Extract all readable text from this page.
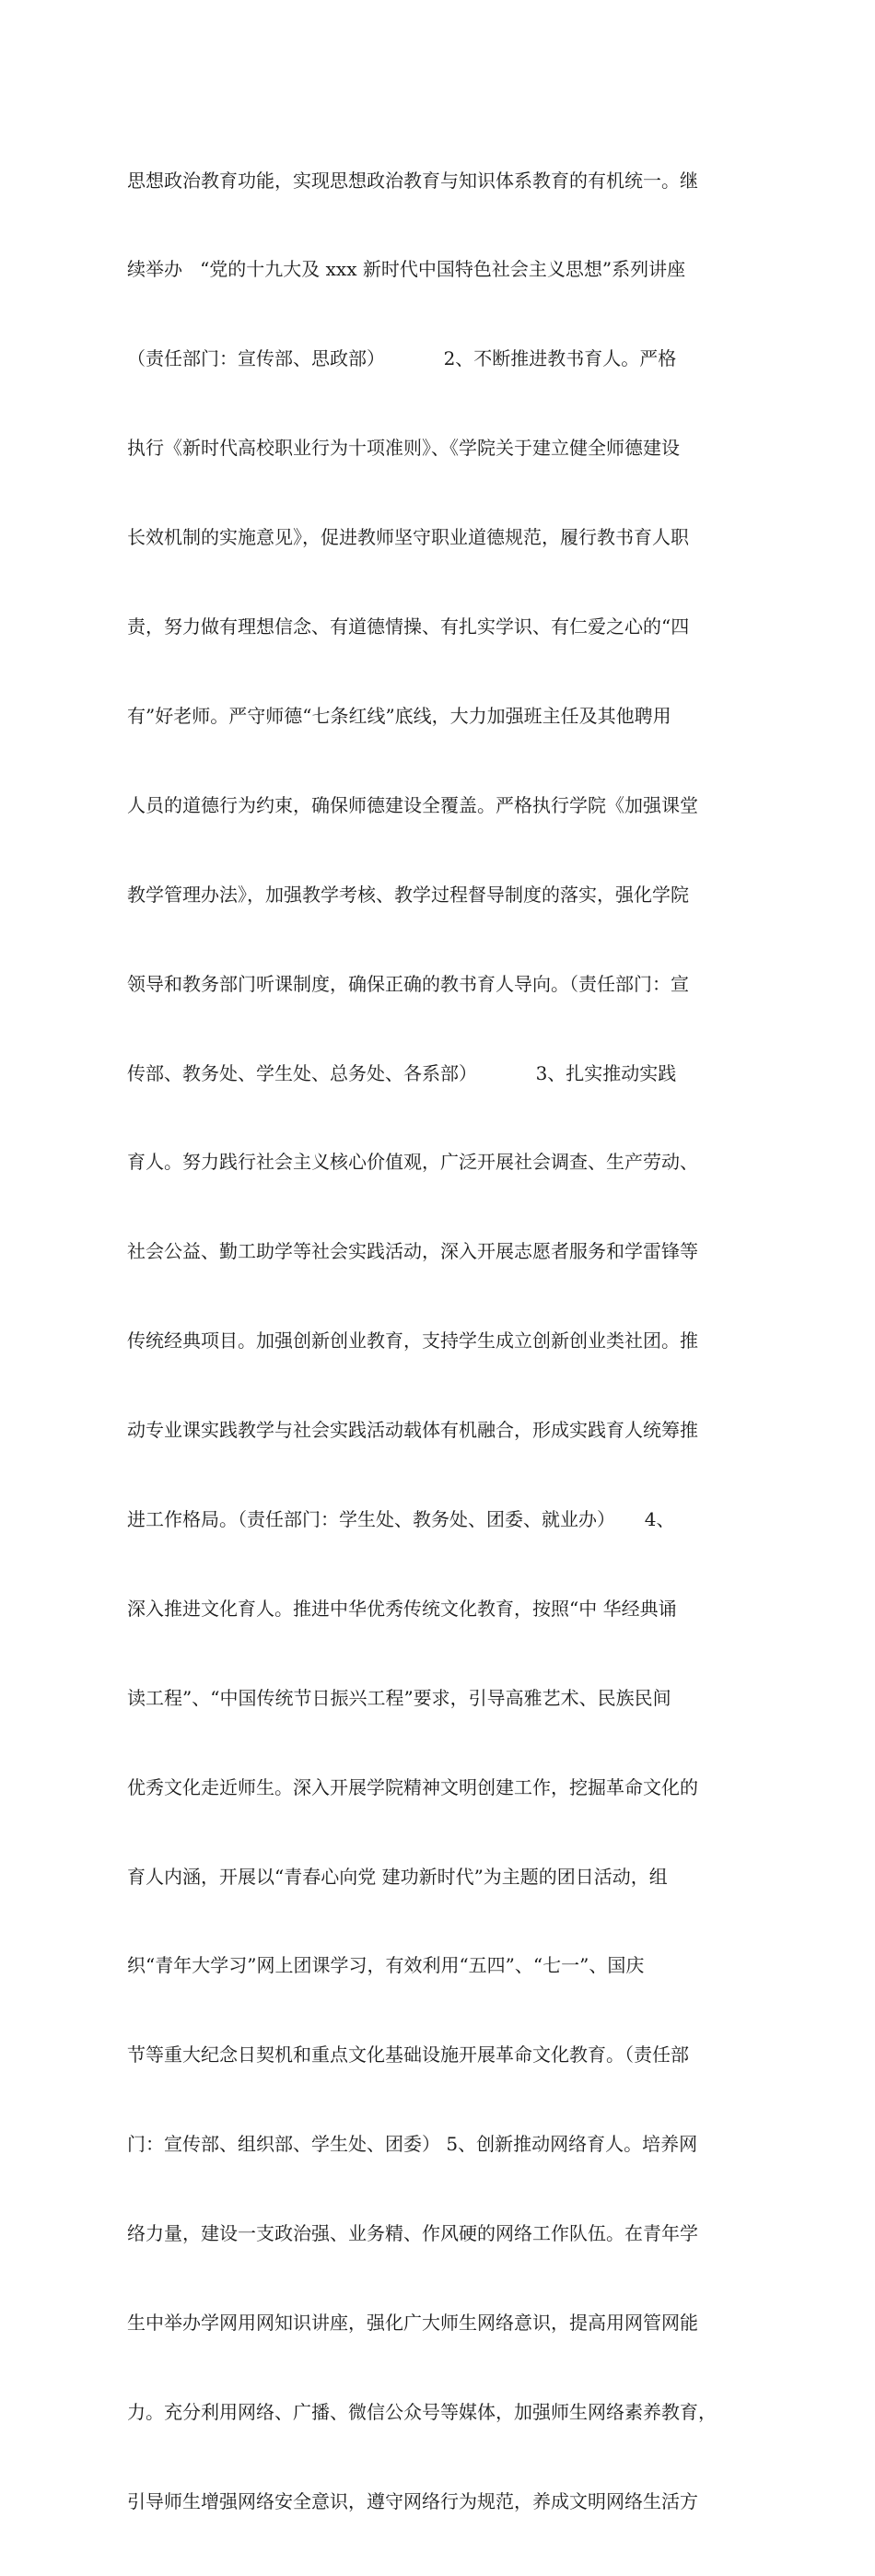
思想政治教育功能，实现思想政治教育与知识体系教育的有机统一。继

续举办   “党的十九大及 xxx 新时代中国特色社会主义思想”系列讲座

（责任部门：宣传部、思政部）          2、不断推进教书育人。严格

执行《新时代高校职业行为十项准则》、《学院关于建立健全师德建设

长效机制的实施意见》，促进教师坚守职业道德规范，履行教书育人职

责，努力做有理想信念、有道德情操、有扎实学识、有仁爱之心的“四

有”好老师。严守师德“七条红线”底线，大力加强班主任及其他聘用

人员的道德行为约束，确保师德建设全覆盖。严格执行学院《加强课堂

教学管理办法》，加强教学考核、教学过程督导制度的落实，强化学院

领导和教务部门听课制度，确保正确的教书育人导向。（责任部门：宣

传部、教务处、学生处、总务处、各系部）          3、扎实推动实践

育人。努力践行社会主义核心价值观，广泛开展社会调查、生产劳动、

社会公益、勤工助学等社会实践活动，深入开展志愿者服务和学雷锋等

传统经典项目。加强创新创业教育，支持学生成立创新创业类社团。推

动专业课实践教学与社会实践活动载体有机融合，形成实践育人统筹推

进工作格局。（责任部门：学生处、教务处、团委、就业办）     4、

深入推进文化育人。推进中华优秀传统文化教育，按照“中 华经典诵

读工程”、“中国传统节日振兴工程”要求，引导高雅艺术、民族民间

优秀文化走近师生。深入开展学院精神文明创建工作，挖掘革命文化的

育人内涵，开展以“青春心向党 建功新时代”为主题的团日活动，组

织“青年大学习”网上团课学习，有效利用“五四”、“七一”、国庆

节等重大纪念日契机和重点文化基础设施开展革命文化教育。（责任部

门：宣传部、组织部、学生处、团委） 5、创新推动网络育人。培养网

络力量，建设一支政治强、业务精、作风硬的网络工作队伍。在青年学

生中举办学网用网知识讲座，强化广大师生网络意识，提高用网管网能

力。充分利用网络、广播、微信公众号等媒体，加强师生网络素养教育，

引导师生增强网络安全意识，遵守网络行为规范，养成文明网络生活方
